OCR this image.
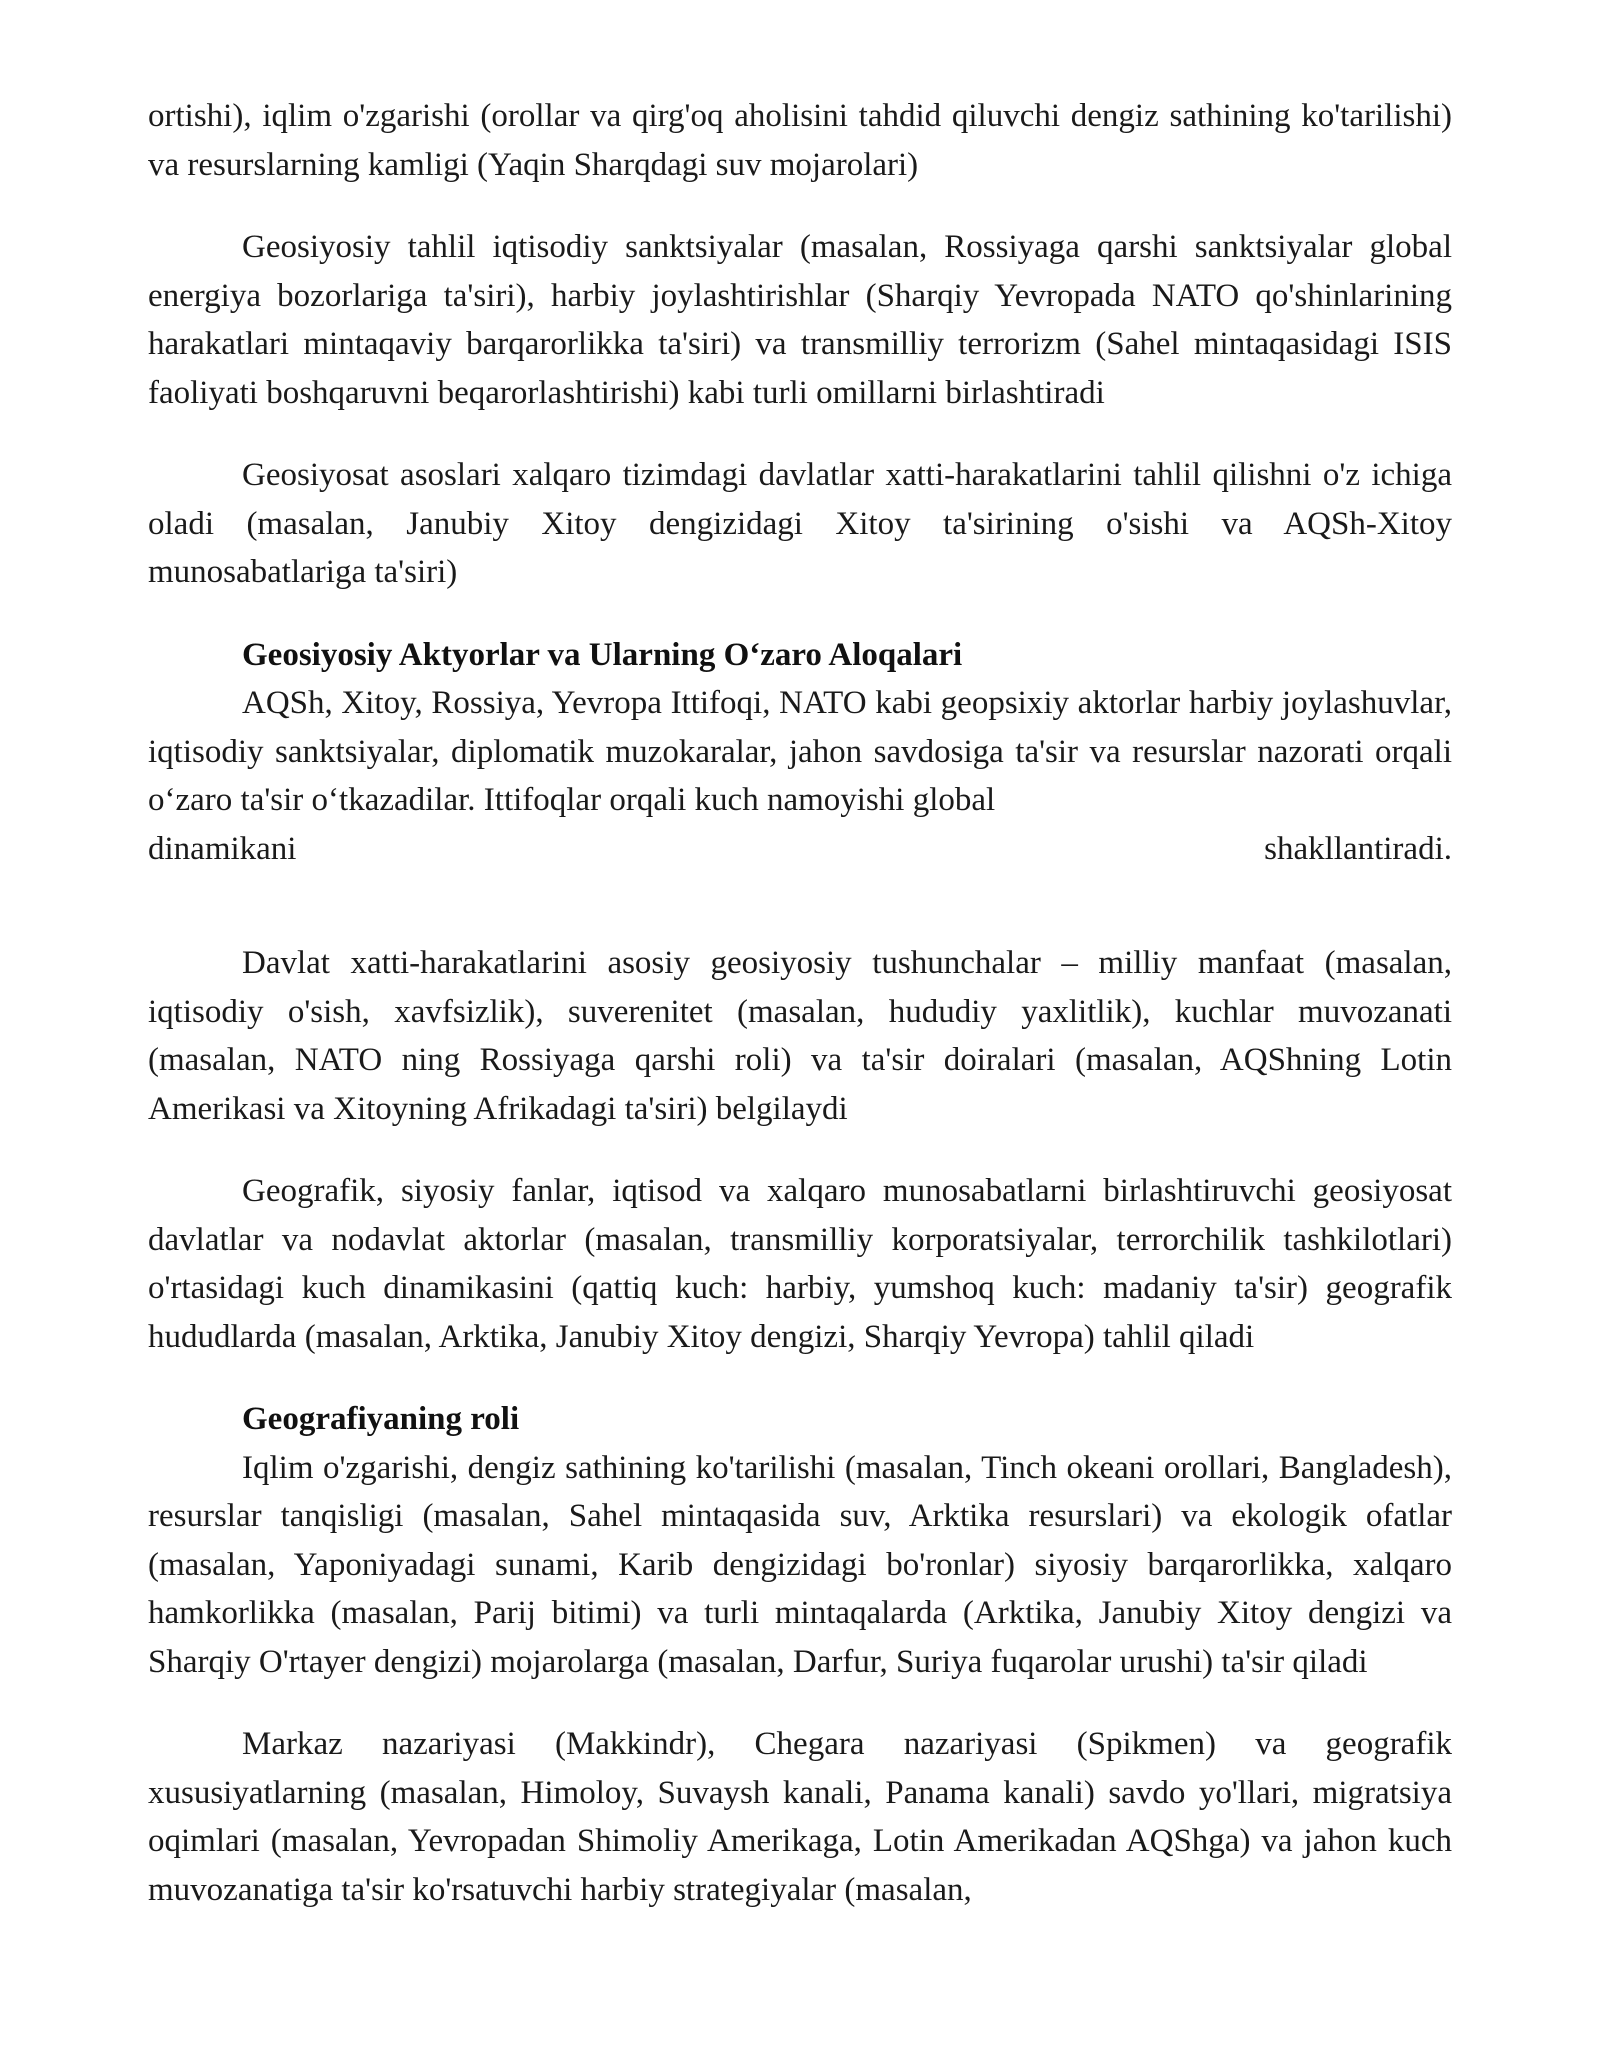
ortishi), iqlim o'zgarishi (orollar va qirg'oq aholisini tahdid qiluvchi dengiz sathining ko'tarilishi) va resurslarning kamligi (Yaqin Sharqdagi suv mojarolari)

Geosiyosiy tahlil iqtisodiy sanktsiyalar (masalan, Rossiyaga qarshi sanktsiyalar global energiya bozorlariga ta'siri), harbiy joylashtirishlar (Sharqiy Yevropada NATO qo'shinlarining harakatlari mintaqaviy barqarorlikka ta'siri) va transmilliy terrorizm (Sahel mintaqasidagi ISIS faoliyati boshqaruvni beqarorlashtirishi) kabi turli omillarni birlashtiradi

Geosiyosat asoslari xalqaro tizimdagi davlatlar xatti-harakatlarini tahlil qilishni o'z ichiga oladi (masalan, Janubiy Xitoy dengizidagi Xitoy ta'sirining o'sishi va AQSh-Xitoy munosabatlariga ta'siri)

Geosiyosiy Aktyorlar va Ularning O‘zaro Aloqalari

AQSh, Xitoy, Rossiya, Yevropa Ittifoqi, NATO kabi geopsixiy aktorlar harbiy joylashuvlar, iqtisodiy sanktsiyalar, diplomatik muzokaralar, jahon savdosiga ta'sir va resurslar nazorati orqali o‘zaro ta'sir o‘tkazadilar. Ittifoqlar orqali kuch namoyishi global

dinamikani	shakllantiradi.

Davlat xatti-harakatlarini asosiy geosiyosiy tushunchalar – milliy manfaat (masalan, iqtisodiy o'sish, xavfsizlik), suverenitet (masalan, hududiy yaxlitlik), kuchlar muvozanati (masalan, NATO ning Rossiyaga qarshi roli) va ta'sir doiralari (masalan, AQShning Lotin Amerikasi va Xitoyning Afrikadagi ta'siri) belgilaydi

Geografik, siyosiy fanlar, iqtisod va xalqaro munosabatlarni birlashtiruvchi geosiyosat davlatlar va nodavlat aktorlar (masalan, transmilliy korporatsiyalar, terrorchilik tashkilotlari) o'rtasidagi kuch dinamikasini (qattiq kuch: harbiy, yumshoq kuch: madaniy ta'sir) geografik hududlarda (masalan, Arktika, Janubiy Xitoy dengizi, Sharqiy Yevropa) tahlil qiladi

Geografiyaning roli

Iqlim o'zgarishi, dengiz sathining ko'tarilishi (masalan, Tinch okeani orollari, Bangladesh), resurslar tanqisligi (masalan, Sahel mintaqasida suv, Arktika resurslari) va ekologik ofatlar (masalan, Yaponiyadagi sunami, Karib dengizidagi bo'ronlar) siyosiy barqarorlikka, xalqaro hamkorlikka (masalan, Parij bitimi) va turli mintaqalarda (Arktika, Janubiy Xitoy dengizi va Sharqiy O'rtayer dengizi) mojarolarga (masalan, Darfur, Suriya fuqarolar urushi) ta'sir qiladi

Markaz nazariyasi (Makkindr), Chegara nazariyasi (Spikmen) va geografik xususiyatlarning (masalan, Himoloy, Suvaysh kanali, Panama kanali) savdo yo'llari, migratsiya oqimlari (masalan, Yevropadan Shimoliy Amerikaga, Lotin Amerikadan AQShga) va jahon kuch muvozanatiga ta'sir ko'rsatuvchi harbiy strategiyalar (masalan,
